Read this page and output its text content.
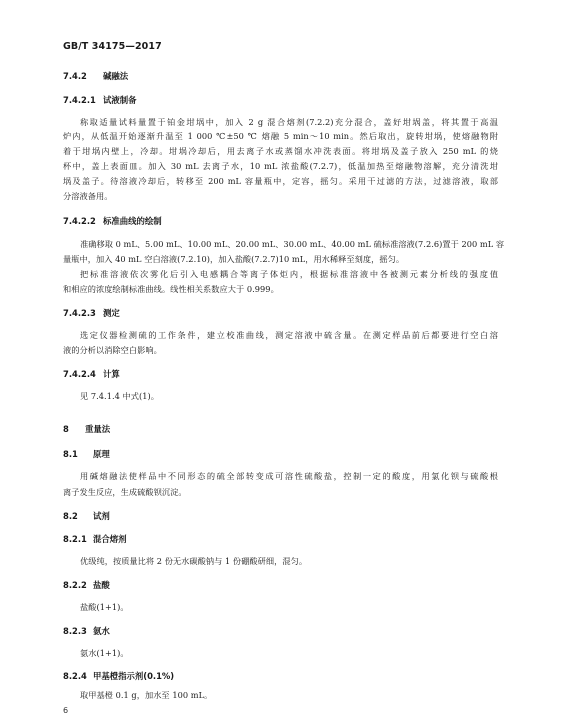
GB/T 34175—2017
7.4.2 碱融法
7.4.2.1 试液制备
称取适量试料量置于铂金坩埚中，加入 2 g 混合熔剂(7.2.2)充分混合，盖好坩埚盖，将其置于高温
炉内，从低温开始逐渐升温至 1 000 ℃±50 ℃ 熔融 5 min～10 min。然后取出，旋转坩埚，使熔融物附
着于坩埚内壁上，冷却。坩埚冷却后，用去离子水或蒸馏水冲洗表面。将坩埚及盖子放入 250 mL 的烧
杯中，盖上表面皿。加入 30 mL 去离子水，10 mL 浓盐酸(7.2.7)，低温加热至熔融物溶解，充分清洗坩
埚及盖子。待溶液冷却后，转移至 200 mL 容量瓶中，定容，摇匀。采用干过滤的方法，过滤溶液，取部
分溶液备用。
7.4.2.2 标准曲线的绘制
准确移取 0 mL、5.00 mL、10.00 mL、20.00 mL、30.00 mL、40.00 mL 硫标准溶液(7.2.6)置于 200 mL 容
量瓶中，加入 40 mL 空白溶液(7.2.10)，加入盐酸(7.2.7)10 mL，用水稀释至刻度，摇匀。
把标准溶液依次雾化后引入电感耦合等离子体炬内，根据标准溶液中各被测元素分析线的强度值
和相应的浓度绘制标准曲线。线性相关系数应大于 0.999。
7.4.2.3 测定
选定仪器检测硫的工作条件，建立校准曲线，测定溶液中硫含量。在测定样品前后都要进行空白溶
液的分析以消除空白影响。
7.4.2.4 计算
见 7.4.1.4 中式(1)。
8 重量法
8.1 原理
用碱熔融法使样品中不同形态的硫全部转变成可溶性硫酸盐，控制一定的酸度，用氯化钡与硫酸根
离子发生反应，生成硫酸钡沉淀。
8.2 试剂
8.2.1 混合熔剂
优级纯，按质量比将 2 份无水碳酸钠与 1 份硼酸研细，混匀。
8.2.2 盐酸
盐酸(1+1)。
8.2.3 氨水
氨水(1+1)。
8.2.4 甲基橙指示剂(0.1%)
取甲基橙 0.1 g，加水至 100 mL。
6
